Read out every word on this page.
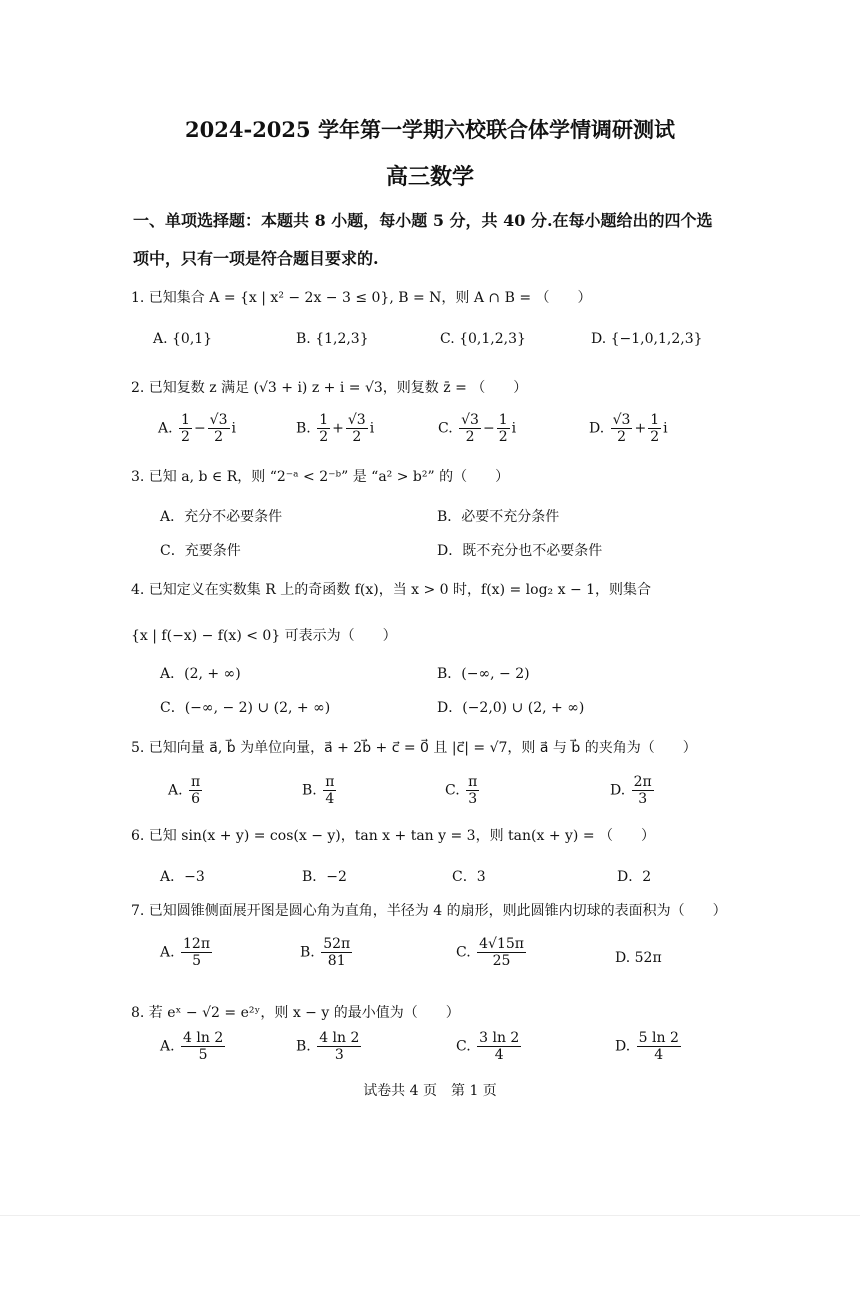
2024-2025 学年第一学期六校联合体学情调研测试
高三数学
一、单项选择题：本题共 8 小题，每小题 5 分，共 40 分.在每小题给出的四个选
项中，只有一项是符合题目要求的.
1. 已知集合 A = {x | x² − 2x − 3 ≤ 0}, B = N，则 A ∩ B = （　　）
A. {0,1}	B. {1,2,3}	C. {0,1,2,3}	D. {−1,0,1,2,3}
2. 已知复数 z 满足 (√3 + i) z + i = √3，则复数 z̄ = （　　）
A. $\frac{1}{2} - \frac{√3}{2}$ i	B. $\frac{1}{2} + \frac{√3}{2}$ i	C. $\frac{√3}{2} - \frac{1}{2}$ i	D. $\frac{√3}{2} + \frac{1}{2}$ i
3. 已知 a, b ∈ R，则 “2⁻ᵃ < 2⁻ᵇ” 是 “a² > b²” 的（　　）
A．充分不必要条件	B．必要不充分条件
C．充要条件	D．既不充分也不必要条件
4. 已知定义在实数集 R 上的奇函数 f(x)，当 x > 0 时，f(x) = log₂ x − 1，则集合
{x | f(−x) − f(x) < 0} 可表示为（　　）
A．(2, + ∞)	B．(−∞, − 2)
C．(−∞, − 2) ∪ (2, + ∞)	D．(−2,0) ∪ (2, + ∞)
5. 已知向量 a⃗, b⃗ 为单位向量，a⃗ + 2b⃗ + c⃗ = 0⃗ 且 |c⃗| = √7，则 a⃗ 与 b⃗ 的夹角为（　　）
A. $\frac{\pi}{6}$	B. $\frac{\pi}{4}$	C. $\frac{\pi}{3}$	D. $\frac{2\pi}{3}$
6. 已知 sin(x + y) = cos(x − y)，tan x + tan y = 3，则 tan(x + y) = （　　）
A．−3	B．−2	C．3	D．2
7. 已知圆锥侧面展开图是圆心角为直角，半径为 4 的扇形，则此圆锥内切球的表面积为（　　）
A. $\frac{12\pi}{5}$	B. $\frac{52\pi}{81}$	C. $\frac{4√15\pi}{25}$	D. 52π
8. 若 eˣ − √2 = e²ʸ，则 x − y 的最小值为（　　）
A. $\frac{4 \ln 2}{5}$	B. $\frac{4 \ln 2}{3}$	C. $\frac{3 \ln 2}{4}$	D. $\frac{5 \ln 2}{4}$
试卷共 4 页　第 1 页
